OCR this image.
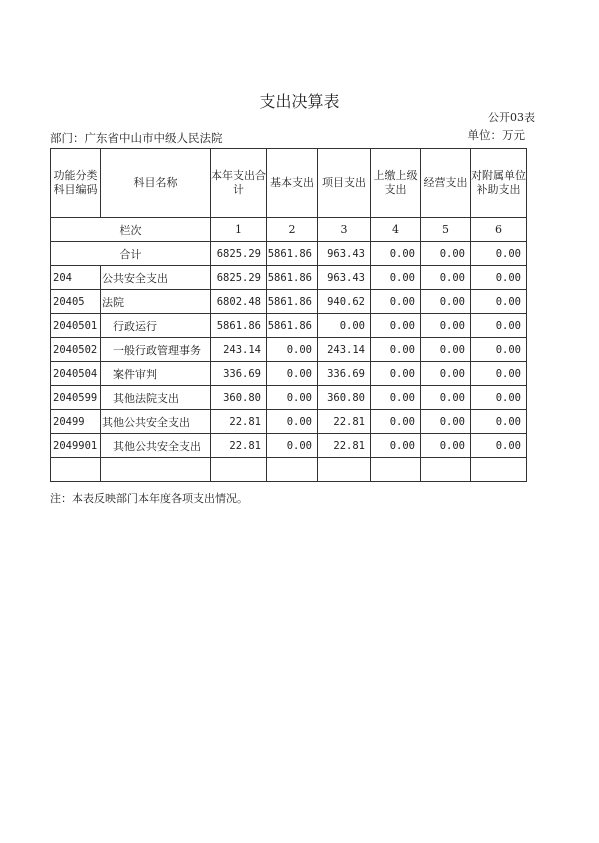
支出决算表
公开03表
部门：广东省中山市中级人民法院	单位：万元
功能分类科目编码	科目名称	本年支出合计	基本支出	项目支出	上缴上级支出	经营支出	对附属单位补助支出
栏次		1	2	3	4	5	6
合计		6825.29	5861.86	963.43	0.00	0.00	0.00
204	公共安全支出	6825.29	5861.86	963.43	0.00	0.00	0.00
20405	法院	6802.48	5861.86	940.62	0.00	0.00	0.00
2040501	行政运行	5861.86	5861.86	0.00	0.00	0.00	0.00
2040502	一般行政管理事务	243.14	0.00	243.14	0.00	0.00	0.00
2040504	案件审判	336.69	0.00	336.69	0.00	0.00	0.00
2040599	其他法院支出	360.80	0.00	360.80	0.00	0.00	0.00
20499	其他公共安全支出	22.81	0.00	22.81	0.00	0.00	0.00
2049901	其他公共安全支出	22.81	0.00	22.81	0.00	0.00	0.00

注：本表反映部门本年度各项支出情况。
